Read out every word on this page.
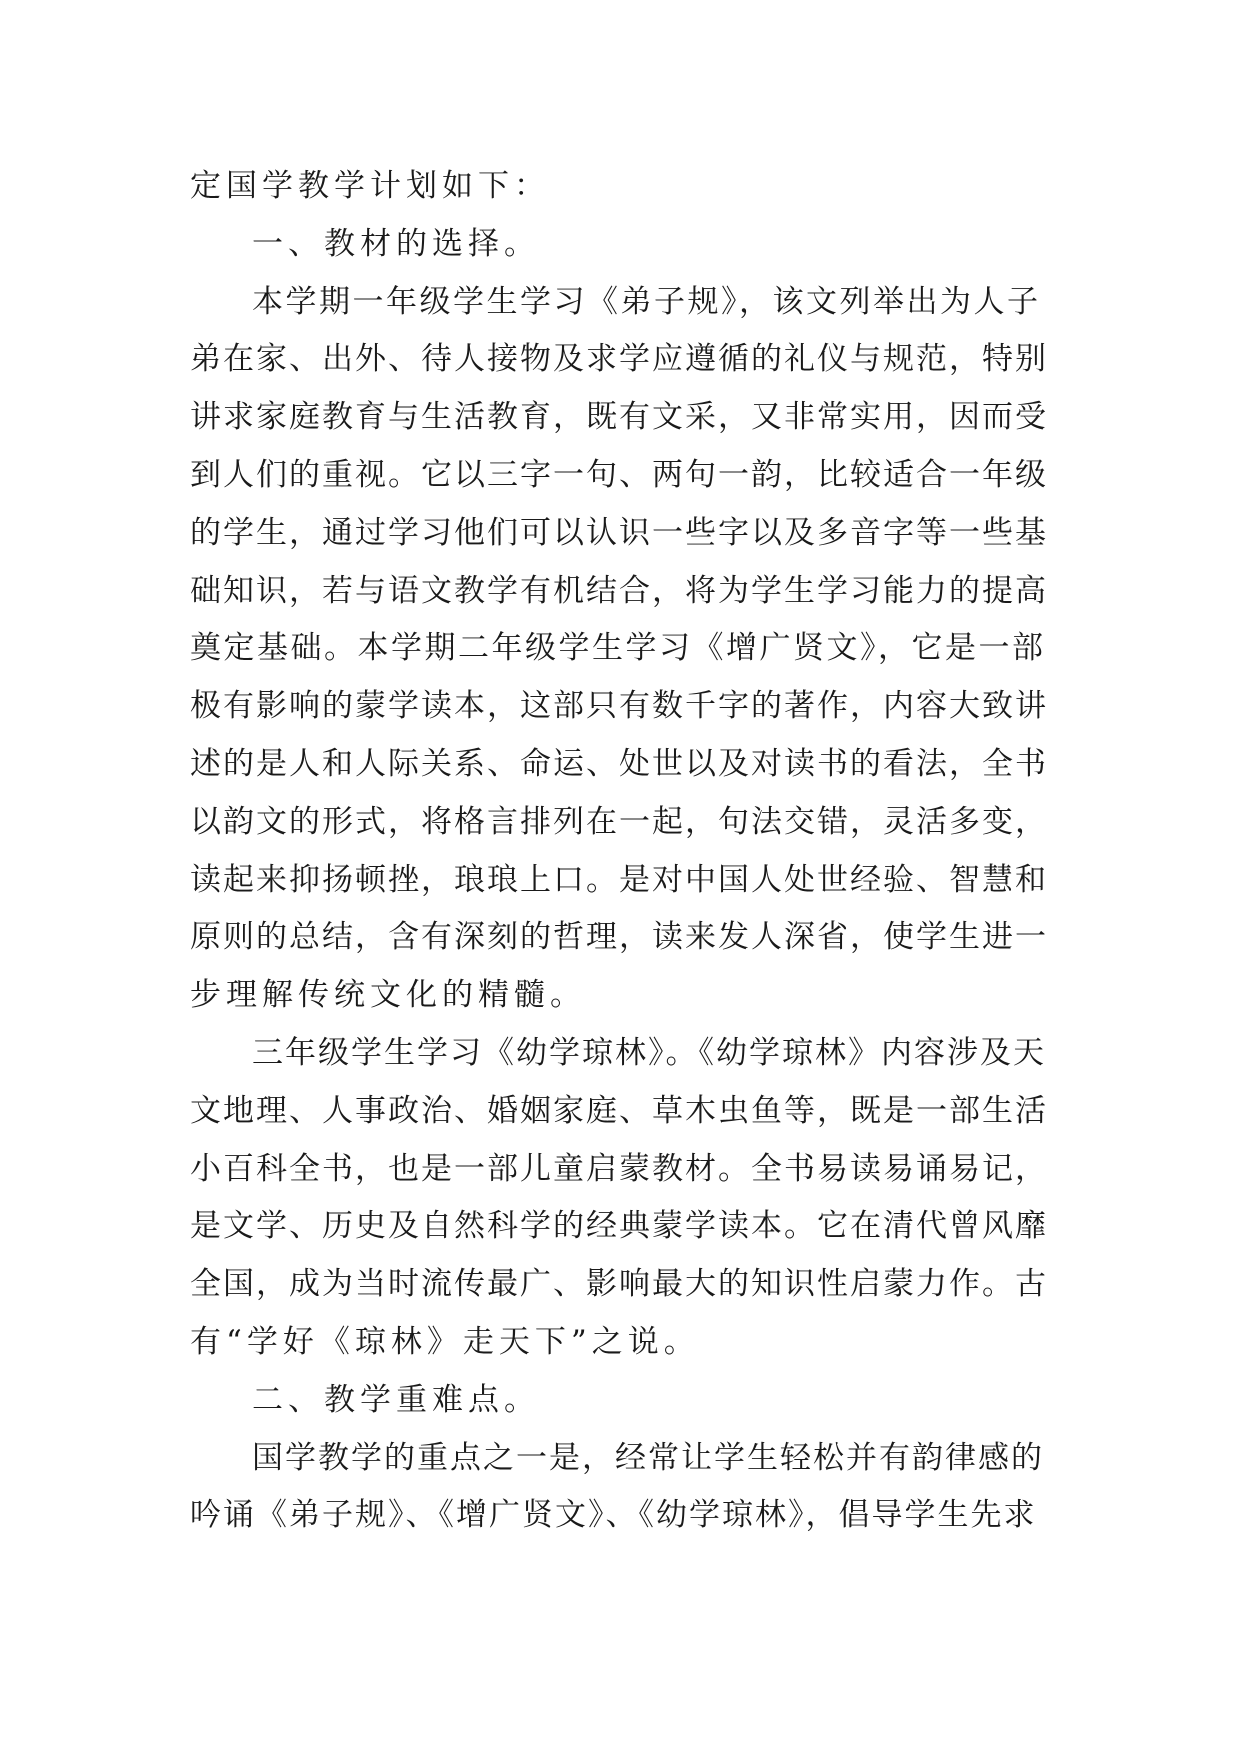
定国学教学计划如下：
一、教材的选择。
本学期一年级学生学习《弟子规》，该文列举出为人子
弟在家、出外、待人接物及求学应遵循的礼仪与规范，特别
讲求家庭教育与生活教育，既有文采，又非常实用，因而受
到人们的重视。它以三字一句、两句一韵，比较适合一年级
的学生，通过学习他们可以认识一些字以及多音字等一些基
础知识，若与语文教学有机结合，将为学生学习能力的提高
奠定基础。本学期二年级学生学习《增广贤文》，它是一部
极有影响的蒙学读本，这部只有数千字的著作，内容大致讲
述的是人和人际关系、命运、处世以及对读书的看法，全书
以韵文的形式，将格言排列在一起，句法交错，灵活多变，
读起来抑扬顿挫，琅琅上口。是对中国人处世经验、智慧和
原则的总结，含有深刻的哲理，读来发人深省，使学生进一
步理解传统文化的精髓。
三年级学生学习《幼学琼林》。《幼学琼林》内容涉及天
文地理、人事政治、婚姻家庭、草木虫鱼等，既是一部生活
小百科全书，也是一部儿童启蒙教材。全书易读易诵易记，
是文学、历史及自然科学的经典蒙学读本。它在清代曾风靡
全国，成为当时流传最广、影响最大的知识性启蒙力作。古
有“学好《琼林》走天下”之说。
二、教学重难点。
国学教学的重点之一是，经常让学生轻松并有韵律感的
吟诵《弟子规》、《增广贤文》、《幼学琼林》，倡导学生先求
